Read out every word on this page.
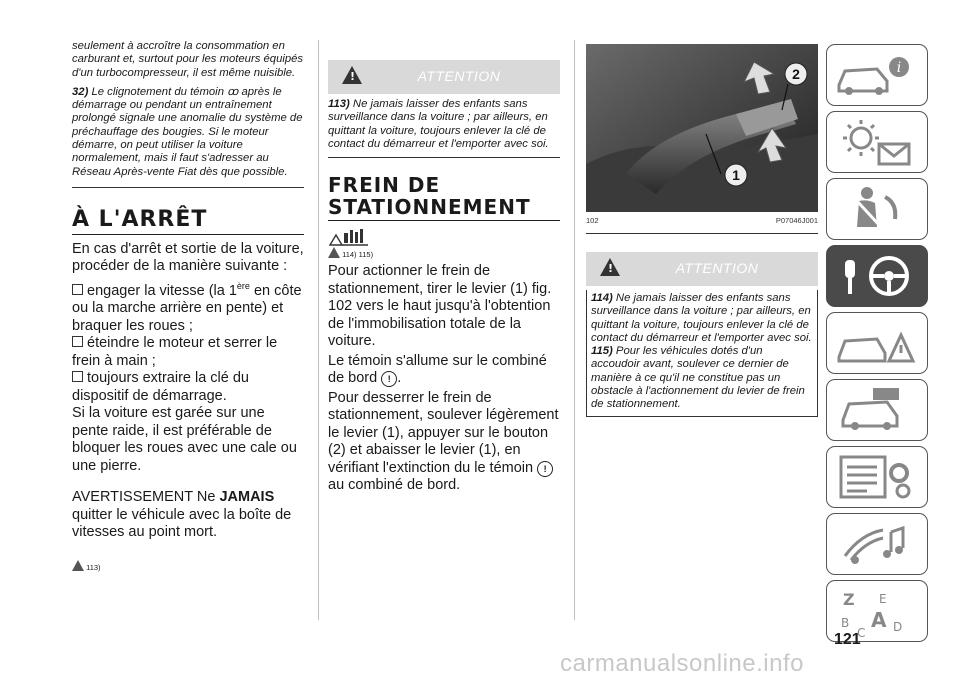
seulement à accroître la consommation en carburant et, surtout pour les moteurs équipés d'un turbocompresseur, il est même nuisible.

32) Le clignotement du témoin ꝏ après le démarrage ou pendant un entraînement prolongé signale une anomalie du système de préchauffage des bougies. Si le moteur démarre, on peut utiliser la voiture normalement, mais il faut s'adresser au Réseau Après-vente Fiat dès que possible.

À L'ARRÊT

En cas d'arrêt et sortie de la voiture, procéder de la manière suivante :

engager la vitesse (la 1ère en côte ou la marche arrière en pente) et braquer les roues ;

éteindre le moteur et serrer le frein à main ;

toujours extraire la clé du dispositif de démarrage.

Si la voiture est garée sur une pente raide, il est préférable de bloquer les roues avec une cale ou une pierre.

AVERTISSEMENT Ne JAMAIS quitter le véhicule avec la boîte de vitesses au point mort.

113)

!
ATTENTION

113) Ne jamais laisser des enfants sans surveillance dans la voiture ; par ailleurs, en quittant la voiture, toujours enlever la clé de contact du démarreur et l'emporter avec soi.

FREIN DE STATIONNEMENT

114) 115)

Pour actionner le frein de stationnement, tirer le levier (1) fig. 102 vers le haut jusqu'à l'obtention de l'immobilisation totale de la voiture.

Le témoin s'allume sur le combiné de bord ! .

Pour desserrer le frein de stationnement, soulever légèrement le levier (1), appuyer sur le bouton (2) et abaisser le levier (1), en vérifiant l'extinction du le témoin ! au combiné de bord.

1
2
102	P07046J001
!
ATTENTION

114) Ne jamais laisser des enfants sans surveillance dans la voiture ; par ailleurs, en quittant la voiture, toujours enlever la clé de contact du démarreur et l'emporter avec soi.

115) Pour les véhicules dotés d'un accoudoir avant, soulever ce dernier de manière à ce qu'il ne constitue pas un obstacle à l'actionnement du levier de frein de stationnement.

i
Z E
B A D
C
121
carmanualsonline.info
